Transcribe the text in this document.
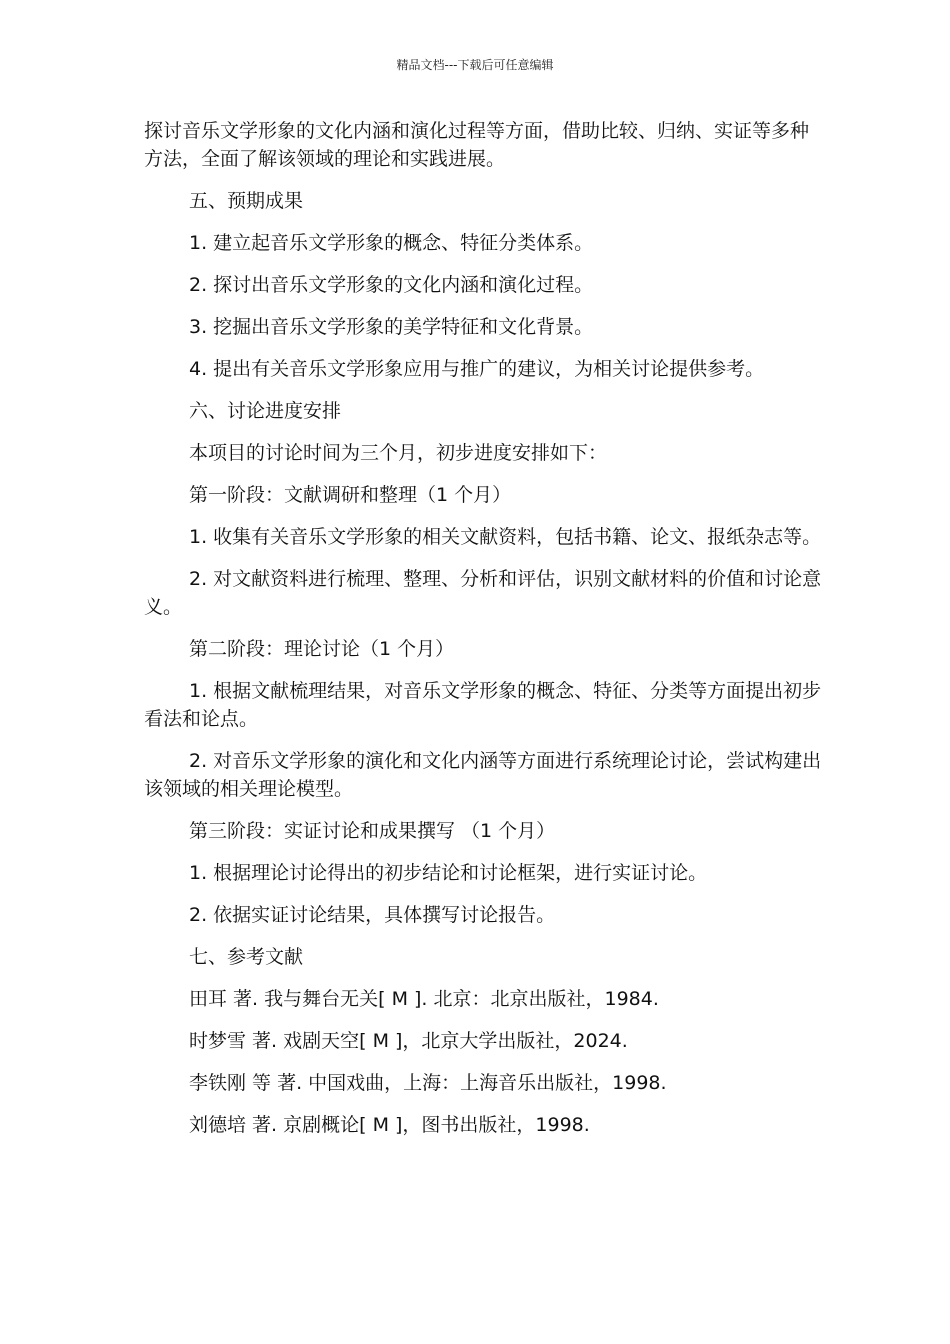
精品文档---下载后可任意编辑

探讨音乐文学形象的文化内涵和演化过程等方面，借助比较、归纳、实证等多种方法，全面了解该领域的理论和实践进展。

五、预期成果

1. 建立起音乐文学形象的概念、特征分类体系。

2. 探讨出音乐文学形象的文化内涵和演化过程。

3. 挖掘出音乐文学形象的美学特征和文化背景。

4. 提出有关音乐文学形象应用与推广的建议，为相关讨论提供参考。

六、讨论进度安排

本项目的讨论时间为三个月，初步进度安排如下：

第一阶段：文献调研和整理（1 个月）

1. 收集有关音乐文学形象的相关文献资料，包括书籍、论文、报纸杂志等。

2. 对文献资料进行梳理、整理、分析和评估，识别文献材料的价值和讨论意义。

第二阶段：理论讨论（1 个月）

1. 根据文献梳理结果，对音乐文学形象的概念、特征、分类等方面提出初步看法和论点。

2. 对音乐文学形象的演化和文化内涵等方面进行系统理论讨论，尝试构建出该领域的相关理论模型。

第三阶段：实证讨论和成果撰写 （1 个月）

1. 根据理论讨论得出的初步结论和讨论框架，进行实证讨论。

2. 依据实证讨论结果，具体撰写讨论报告。

七、参考文献

田耳 著. 我与舞台无关[ M ]. 北京：北京出版社，1984.

时梦雪 著. 戏剧天空[ M ]，北京大学出版社，2024.

李铁刚 等 著. 中国戏曲，上海：上海音乐出版社，1998.

刘德培 著. 京剧概论[ M ]，图书出版社，1998.
